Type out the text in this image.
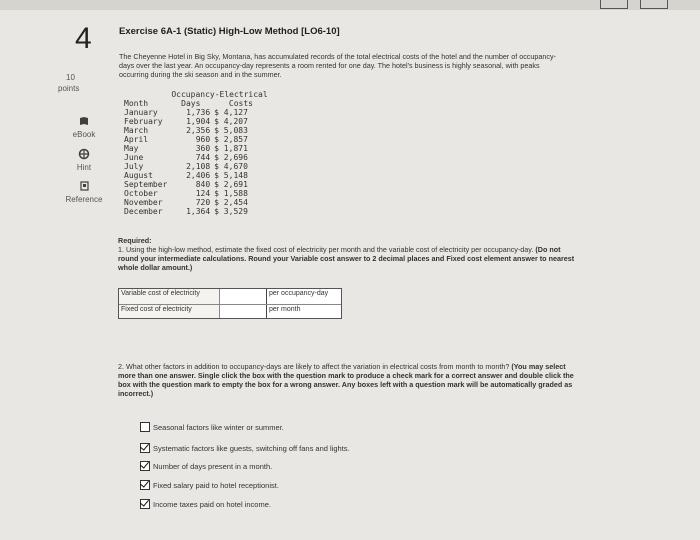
4
10
points
eBook
Hint
Reference
Exercise 6A-1 (Static) High-Low Method [LO6-10]
The Cheyenne Hotel in Big Sky, Montana, has accumulated records of the total electrical costs of the hotel and the number of occupancy-days over the last year. An occupancy-day represents a room rented for one day. The hotel's business is highly seasonal, with peaks occurring during the ski season and in the summer.
	Occupancy-Electrical	
Month	Days	Costs
January	1,736	$ 4,127
February	1,904	$ 4,207
March	2,356	$ 5,083
April	960	$ 2,857
May	360	$ 1,871
June	744	$ 2,696
July	2,108	$ 4,670
August	2,406	$ 5,148
September	840	$ 2,691
October	124	$ 1,588
November	720	$ 2,454
December	1,364	$ 3,529
Required:
1. Using the high-low method, estimate the fixed cost of electricity per month and the variable cost of electricity per occupancy-day. (Do not round your intermediate calculations. Round your Variable cost answer to 2 decimal places and Fixed cost element answer to nearest whole dollar amount.)
Variable cost of electricity	per occupancy-day
Fixed cost of electricity	per month
2. What other factors in addition to occupancy-days are likely to affect the variation in electrical costs from month to month? (You may select more than one answer. Single click the box with the question mark to produce a check mark for a correct answer and double click the box with the question mark to empty the box for a wrong answer. Any boxes left with a question mark will be automatically graded as incorrect.)
Seasonal factors like winter or summer.
Systematic factors like guests, switching off fans and lights.
Number of days present in a month.
Fixed salary paid to hotel receptionist.
Income taxes paid on hotel income.
